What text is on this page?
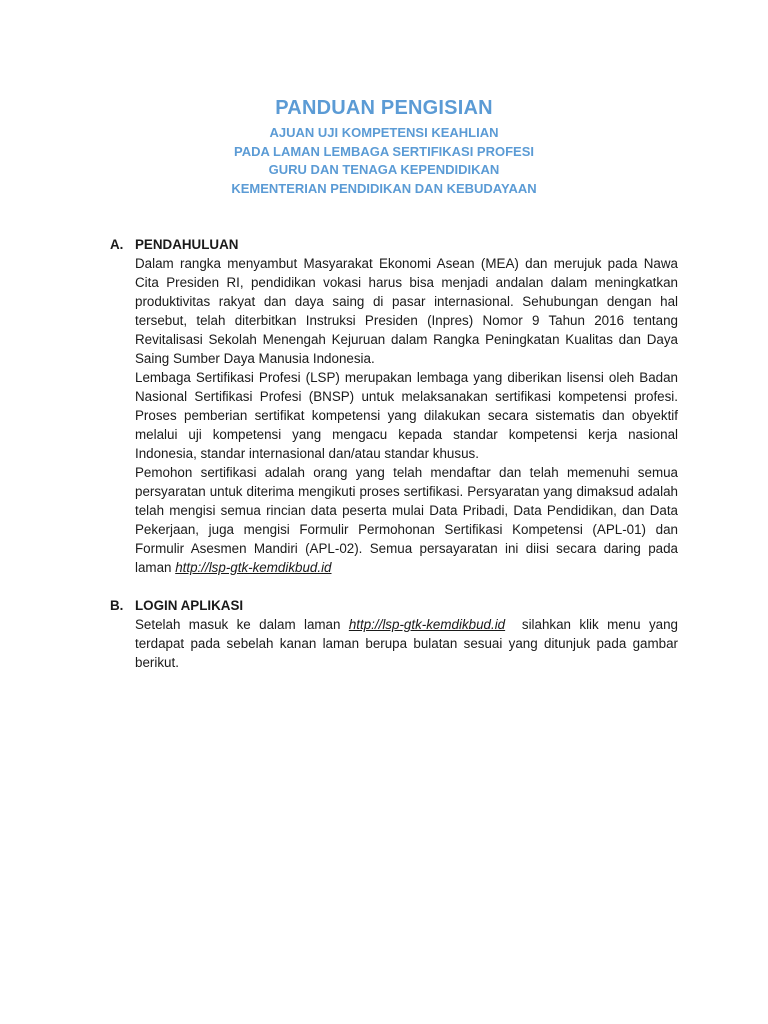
PANDUAN PENGISIAN
AJUAN UJI KOMPETENSI KEAHLIAN
PADA LAMAN LEMBAGA SERTIFIKASI PROFESI
GURU DAN TENAGA KEPENDIDIKAN
KEMENTERIAN PENDIDIKAN DAN KEBUDAYAAN
A. PENDAHULUAN

Dalam rangka menyambut Masyarakat Ekonomi Asean (MEA) dan merujuk pada Nawa Cita Presiden RI, pendidikan vokasi harus bisa menjadi andalan dalam meningkatkan produktivitas rakyat dan daya saing di pasar internasional. Sehubungan dengan hal tersebut, telah diterbitkan Instruksi Presiden (Inpres) Nomor 9 Tahun 2016 tentang Revitalisasi Sekolah Menengah Kejuruan dalam Rangka Peningkatan Kualitas dan Daya Saing Sumber Daya Manusia Indonesia.

Lembaga Sertifikasi Profesi (LSP) merupakan lembaga yang diberikan lisensi oleh Badan Nasional Sertifikasi Profesi (BNSP) untuk melaksanakan sertifikasi kompetensi profesi. Proses pemberian sertifikat kompetensi yang dilakukan secara sistematis dan obyektif melalui uji kompetensi yang mengacu kepada standar kompetensi kerja nasional Indonesia, standar internasional dan/atau standar khusus.

Pemohon sertifikasi adalah orang yang telah mendaftar dan telah memenuhi semua persyaratan untuk diterima mengikuti proses sertifikasi. Persyaratan yang dimaksud adalah telah mengisi semua rincian data peserta mulai Data Pribadi, Data Pendidikan, dan Data Pekerjaan, juga mengisi Formulir Permohonan Sertifikasi Kompetensi (APL-01) dan Formulir Asesmen Mandiri (APL-02). Semua persayaratan ini diisi secara daring pada laman http://lsp-gtk-kemdikbud.id

B. LOGIN APLIKASI

Setelah masuk ke dalam laman http://lsp-gtk-kemdikbud.id  silahkan klik menu yang terdapat pada sebelah kanan laman berupa bulatan sesuai yang ditunjuk pada gambar berikut.
